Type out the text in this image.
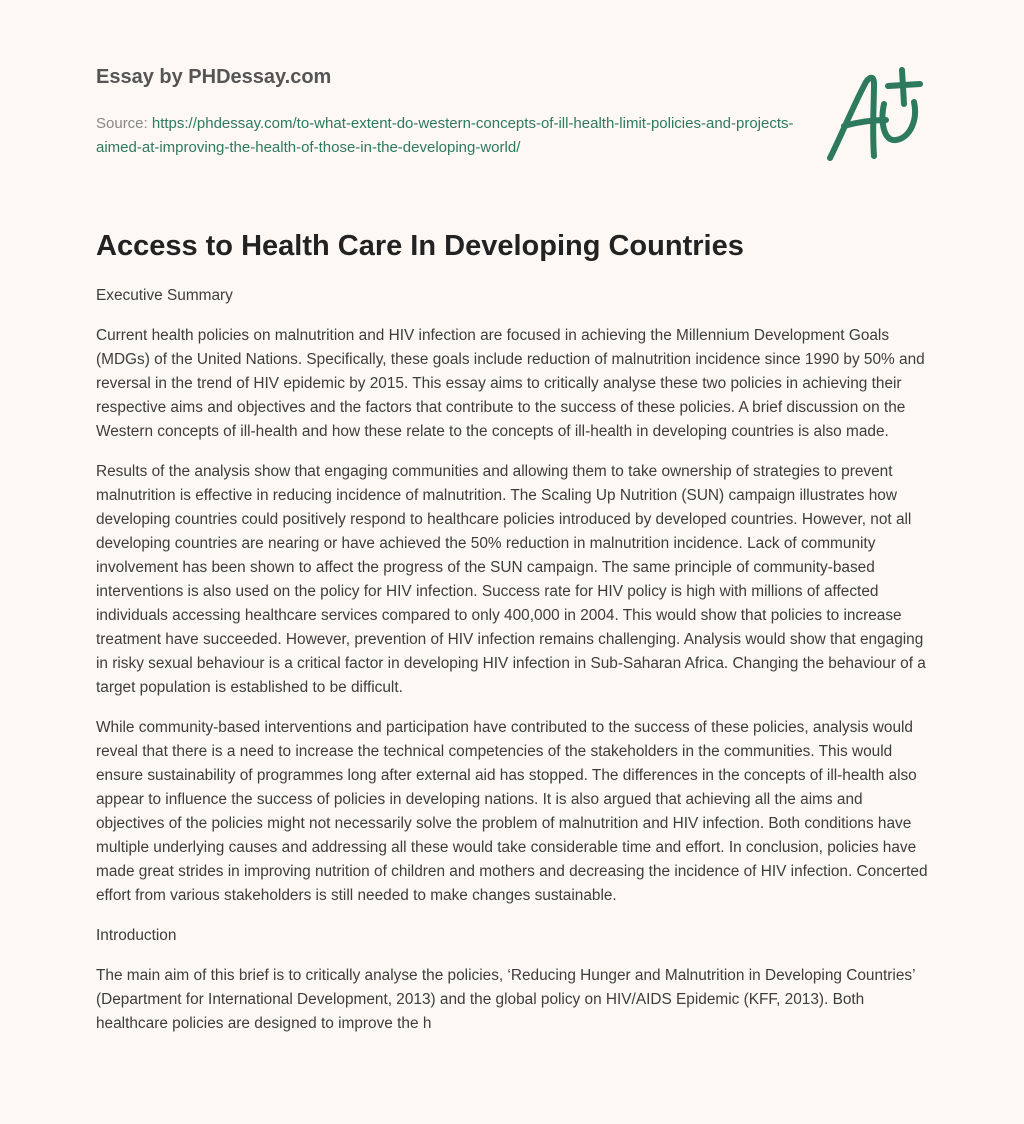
Essay by PHDessay.com
Source: https://phdessay.com/to-what-extent-do-western-concepts-of-ill-health-limit-policies-and-projects-aimed-at-improving-the-health-of-those-in-the-developing-world/
Access to Health Care In Developing Countries

Executive Summary

Current health policies on malnutrition and HIV infection are focused in achieving the Millennium Development Goals (MDGs) of the United Nations. Specifically, these goals include reduction of malnutrition incidence since 1990 by 50% and reversal in the trend of HIV epidemic by 2015. This essay aims to critically analyse these two policies in achieving their respective aims and objectives and the factors that contribute to the success of these policies. A brief discussion on the Western concepts of ill-health and how these relate to the concepts of ill-health in developing countries is also made.

Results of the analysis show that engaging communities and allowing them to take ownership of strategies to prevent malnutrition is effective in reducing incidence of malnutrition. The Scaling Up Nutrition (SUN) campaign illustrates how developing countries could positively respond to healthcare policies introduced by developed countries. However, not all developing countries are nearing or have achieved the 50% reduction in malnutrition incidence. Lack of community involvement has been shown to affect the progress of the SUN campaign. The same principle of community-based interventions is also used on the policy for HIV infection. Success rate for HIV policy is high with millions of affected individuals accessing healthcare services compared to only 400,000 in 2004. This would show that policies to increase treatment have succeeded. However, prevention of HIV infection remains challenging. Analysis would show that engaging in risky sexual behaviour is a critical factor in developing HIV infection in Sub-Saharan Africa. Changing the behaviour of a target population is established to be difficult.

While community-based interventions and participation have contributed to the success of these policies, analysis would reveal that there is a need to increase the technical competencies of the stakeholders in the communities. This would ensure sustainability of programmes long after external aid has stopped. The differences in the concepts of ill-health also appear to influence the success of policies in developing nations. It is also argued that achieving all the aims and objectives of the policies might not necessarily solve the problem of malnutrition and HIV infection. Both conditions have multiple underlying causes and addressing all these would take considerable time and effort. In conclusion, policies have made great strides in improving nutrition of children and mothers and decreasing the incidence of HIV infection. Concerted effort from various stakeholders is still needed to make changes sustainable.

Introduction

The main aim of this brief is to critically analyse the policies, ‘Reducing Hunger and Malnutrition in Developing Countries’ (Department for International Development, 2013) and the global policy on HIV/AIDS Epidemic (KFF, 2013). Both healthcare policies are designed to improve the h
